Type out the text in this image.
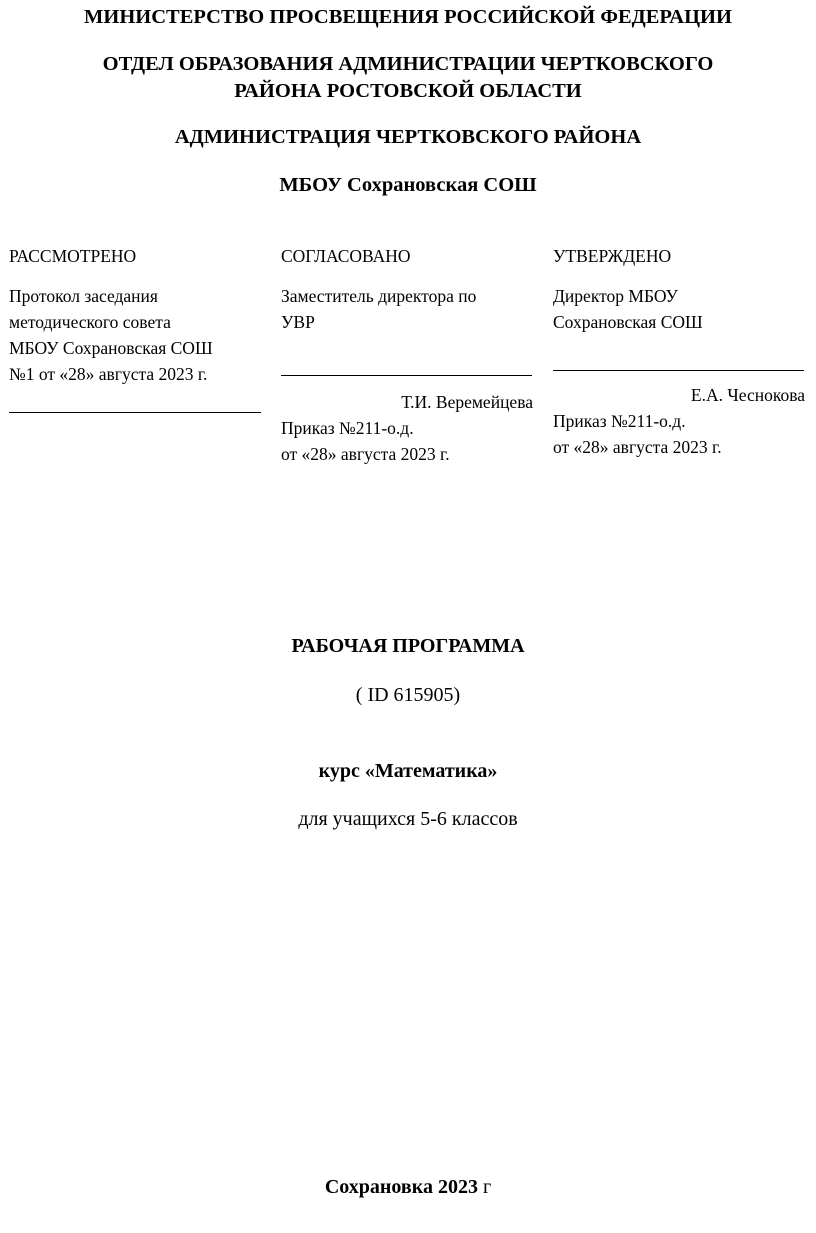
МИНИСТЕРСТВО ПРОСВЕЩЕНИЯ РОССИЙСКОЙ ФЕДЕРАЦИИ
ОТДЕЛ ОБРАЗОВАНИЯ АДМИНИСТРАЦИИ ЧЕРТКОВСКОГО
РАЙОНА РОСТОВСКОЙ ОБЛАСТИ
АДМИНИСТРАЦИЯ ЧЕРТКОВСКОГО РАЙОНА
МБОУ Сохрановская СОШ
РАССМОТРЕНО
Протокол заседания
методического совета
МБОУ Сохрановская СОШ
№1 от «28» августа 2023 г.
СОГЛАСОВАНО
Заместитель директора по
УВР
Т.И. Веремейцева
Приказ №211-о.д.
от «28» августа 2023 г.
УТВЕРЖДЕНО
Директор МБОУ
Сохрановская СОШ
Е.А. Чеснокова
Приказ №211-о.д.
от «28» августа 2023 г.
РАБОЧАЯ ПРОГРАММА
( ID 615905)
курс «Математика»
для учащихся 5-6 классов
Сохрановка 2023 г
